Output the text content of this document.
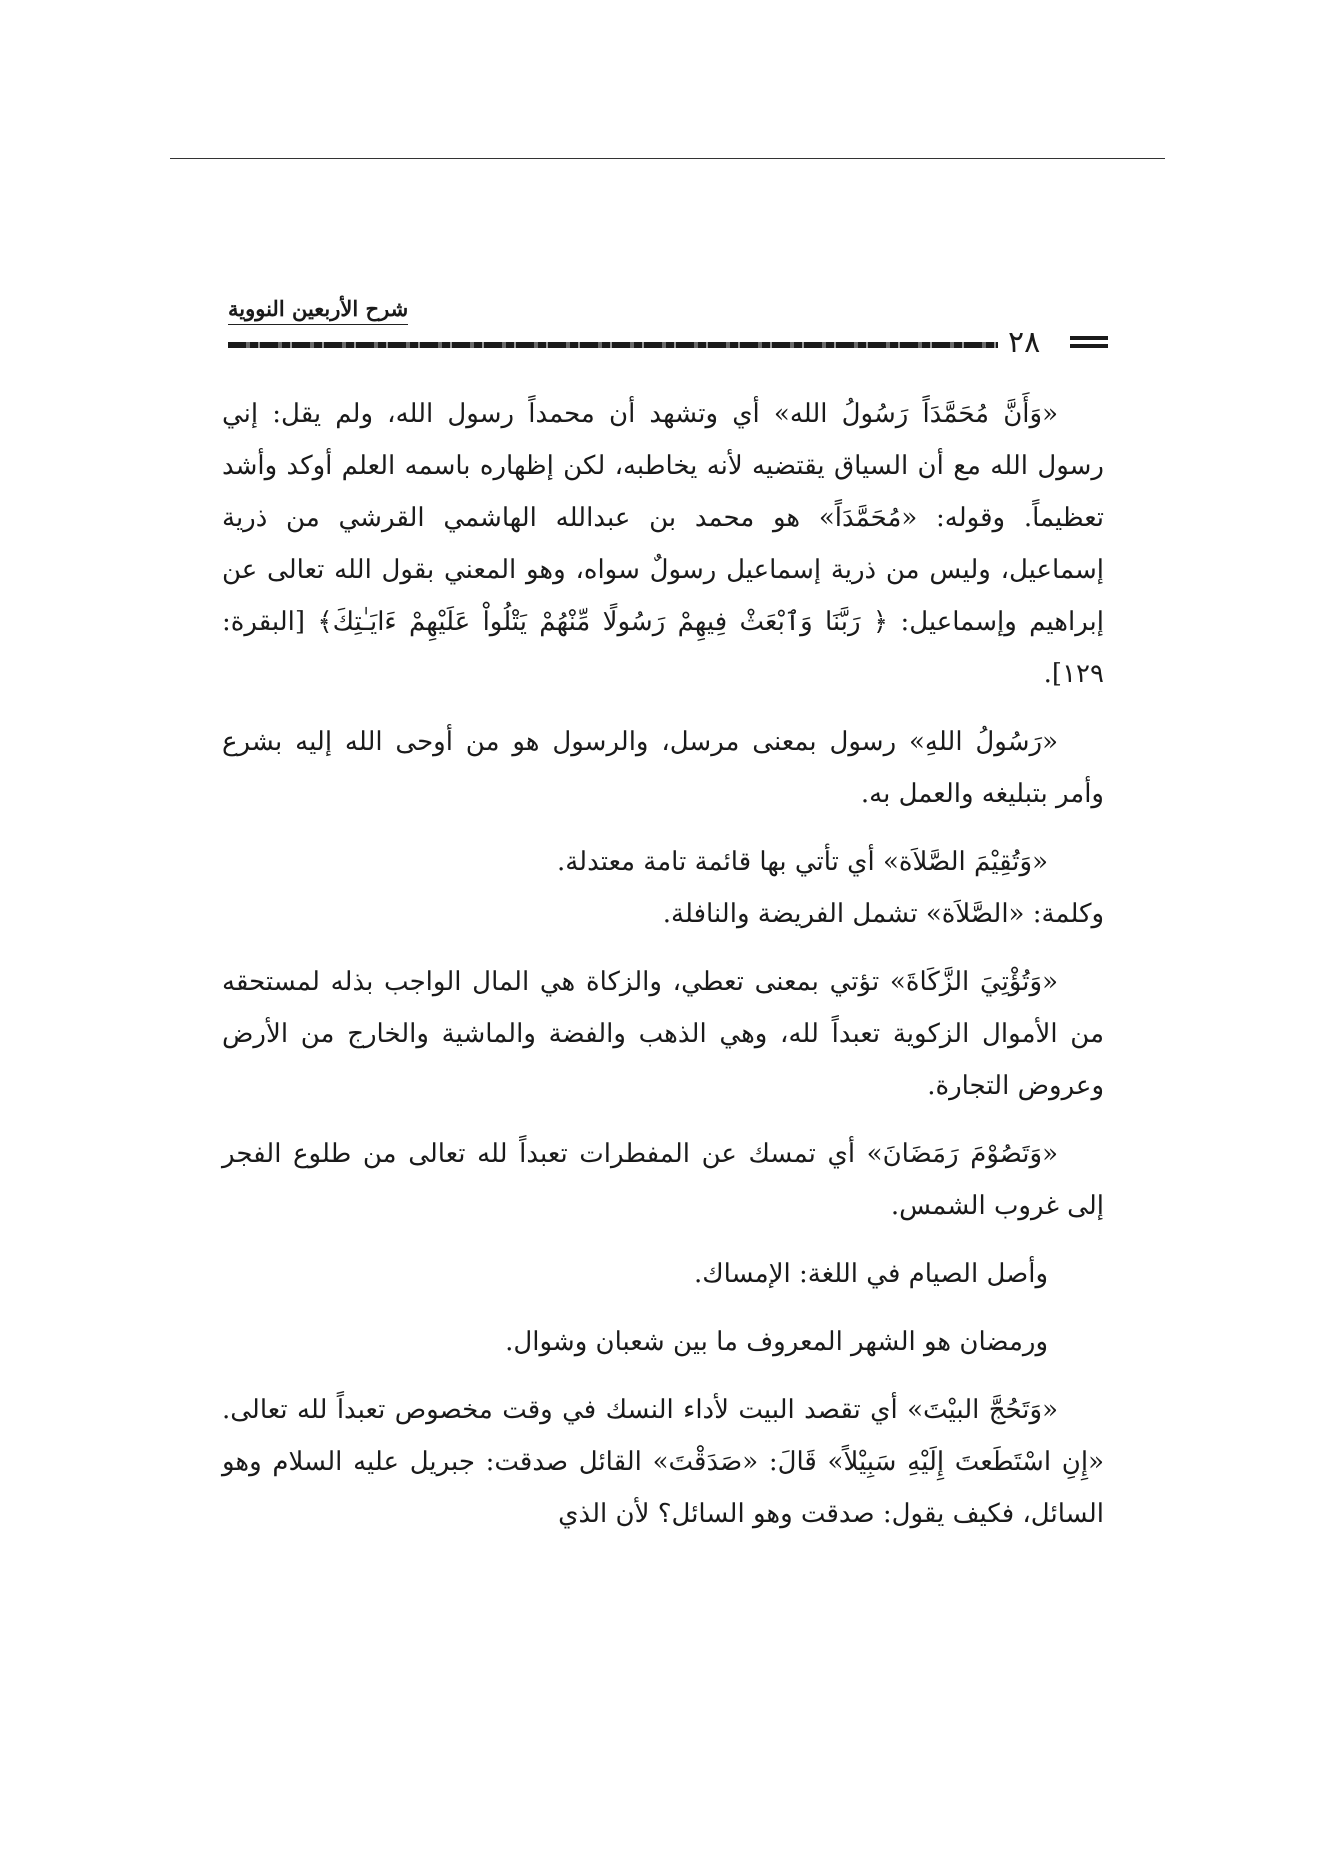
شرح الأربعين النووية
٢٨

«وَأَنَّ مُحَمَّدَاً رَسُولُ الله» أي وتشهد أن محمداً رسول الله، ولم يقل: إني رسول الله مع أن السياق يقتضيه لأنه يخاطبه، لكن إظهاره باسمه العلم أوكد وأشد تعظيماً. وقوله: «مُحَمَّدَاً» هو محمد بن عبدالله الهاشمي القرشي من ذرية إسماعيل، وليس من ذرية إسماعيل رسولٌ سواه، وهو المعني بقول الله تعالى عن إبراهيم وإسماعيل: ﴿ رَبَّنَا وَٱبْعَثْ فِيهِمْ رَسُولًا مِّنْهُمْ يَتْلُواْ عَلَيْهِمْ ءَايَـٰتِكَ﴾ [البقرة: ١٢٩].

«رَسُولُ اللهِ» رسول بمعنى مرسل، والرسول هو من أوحى الله إليه بشرع وأمر بتبليغه والعمل به.

«وَتُقِيْمَ الصَّلاَة» أي تأتي بها قائمة تامة معتدلة.

وكلمة: «الصَّلاَة» تشمل الفريضة والنافلة.

«وَتُؤْتِيَ الزَّكَاةَ» تؤتي بمعنى تعطي، والزكاة هي المال الواجب بذله لمستحقه من الأموال الزكوية تعبداً لله، وهي الذهب والفضة والماشية والخارج من الأرض وعروض التجارة.

«وَتَصُوْمَ رَمَضَانَ» أي تمسك عن المفطرات تعبداً لله تعالى من طلوع الفجر إلى غروب الشمس.

وأصل الصيام في اللغة: الإمساك.

ورمضان هو الشهر المعروف ما بين شعبان وشوال.

«وَتَحُجَّ البيْتَ» أي تقصد البيت لأداء النسك في وقت مخصوص تعبداً لله تعالى. «إِنِ اسْتَطَعتَ إِلَيْهِ سَبِيْلاً» قَالَ: «صَدَقْتَ» القائل صدقت: جبريل عليه السلام وهو السائل، فكيف يقول: صدقت وهو السائل؟ لأن الذي
